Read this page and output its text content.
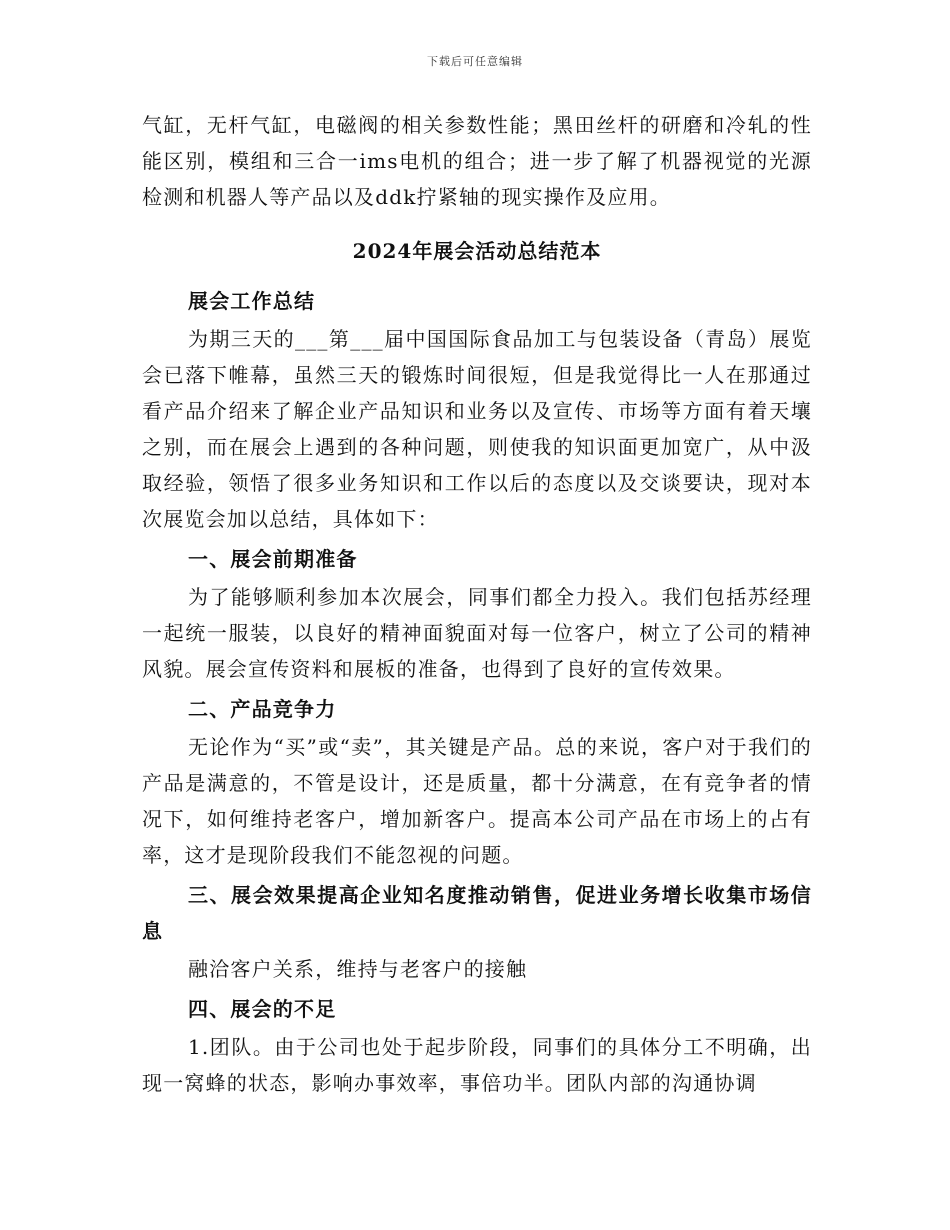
下载后可任意编辑

气缸，无杆气缸，电磁阀的相关参数性能；黑田丝杆的研磨和冷轧的性能区别，模组和三合一ims电机的组合；进一步了解了机器视觉的光源检测和机器人等产品以及ddk拧紧轴的现实操作及应用。

2024年展会活动总结范本

展会工作总结

为期三天的___第___届中国国际食品加工与包装设备（青岛）展览会已落下帷幕，虽然三天的锻炼时间很短，但是我觉得比一人在那通过看产品介绍来了解企业产品知识和业务以及宣传、市场等方面有着天壤之别，而在展会上遇到的各种问题，则使我的知识面更加宽广，从中汲取经验，领悟了很多业务知识和工作以后的态度以及交谈要诀，现对本次展览会加以总结，具体如下：

一、展会前期准备

为了能够顺利参加本次展会，同事们都全力投入。我们包括苏经理一起统一服装，以良好的精神面貌面对每一位客户，树立了公司的精神风貌。展会宣传资料和展板的准备，也得到了良好的宣传效果。

二、产品竞争力

无论作为“买”或“卖”，其关键是产品。总的来说，客户对于我们的产品是满意的，不管是设计，还是质量，都十分满意，在有竞争者的情况下，如何维持老客户，增加新客户。提高本公司产品在市场上的占有率，这才是现阶段我们不能忽视的问题。

三、展会效果提高企业知名度推动销售，促进业务增长收集市场信息

融洽客户关系，维持与老客户的接触

四、展会的不足

1.团队。由于公司也处于起步阶段，同事们的具体分工不明确，出现一窝蜂的状态，影响办事效率，事倍功半。团队内部的沟通协调
